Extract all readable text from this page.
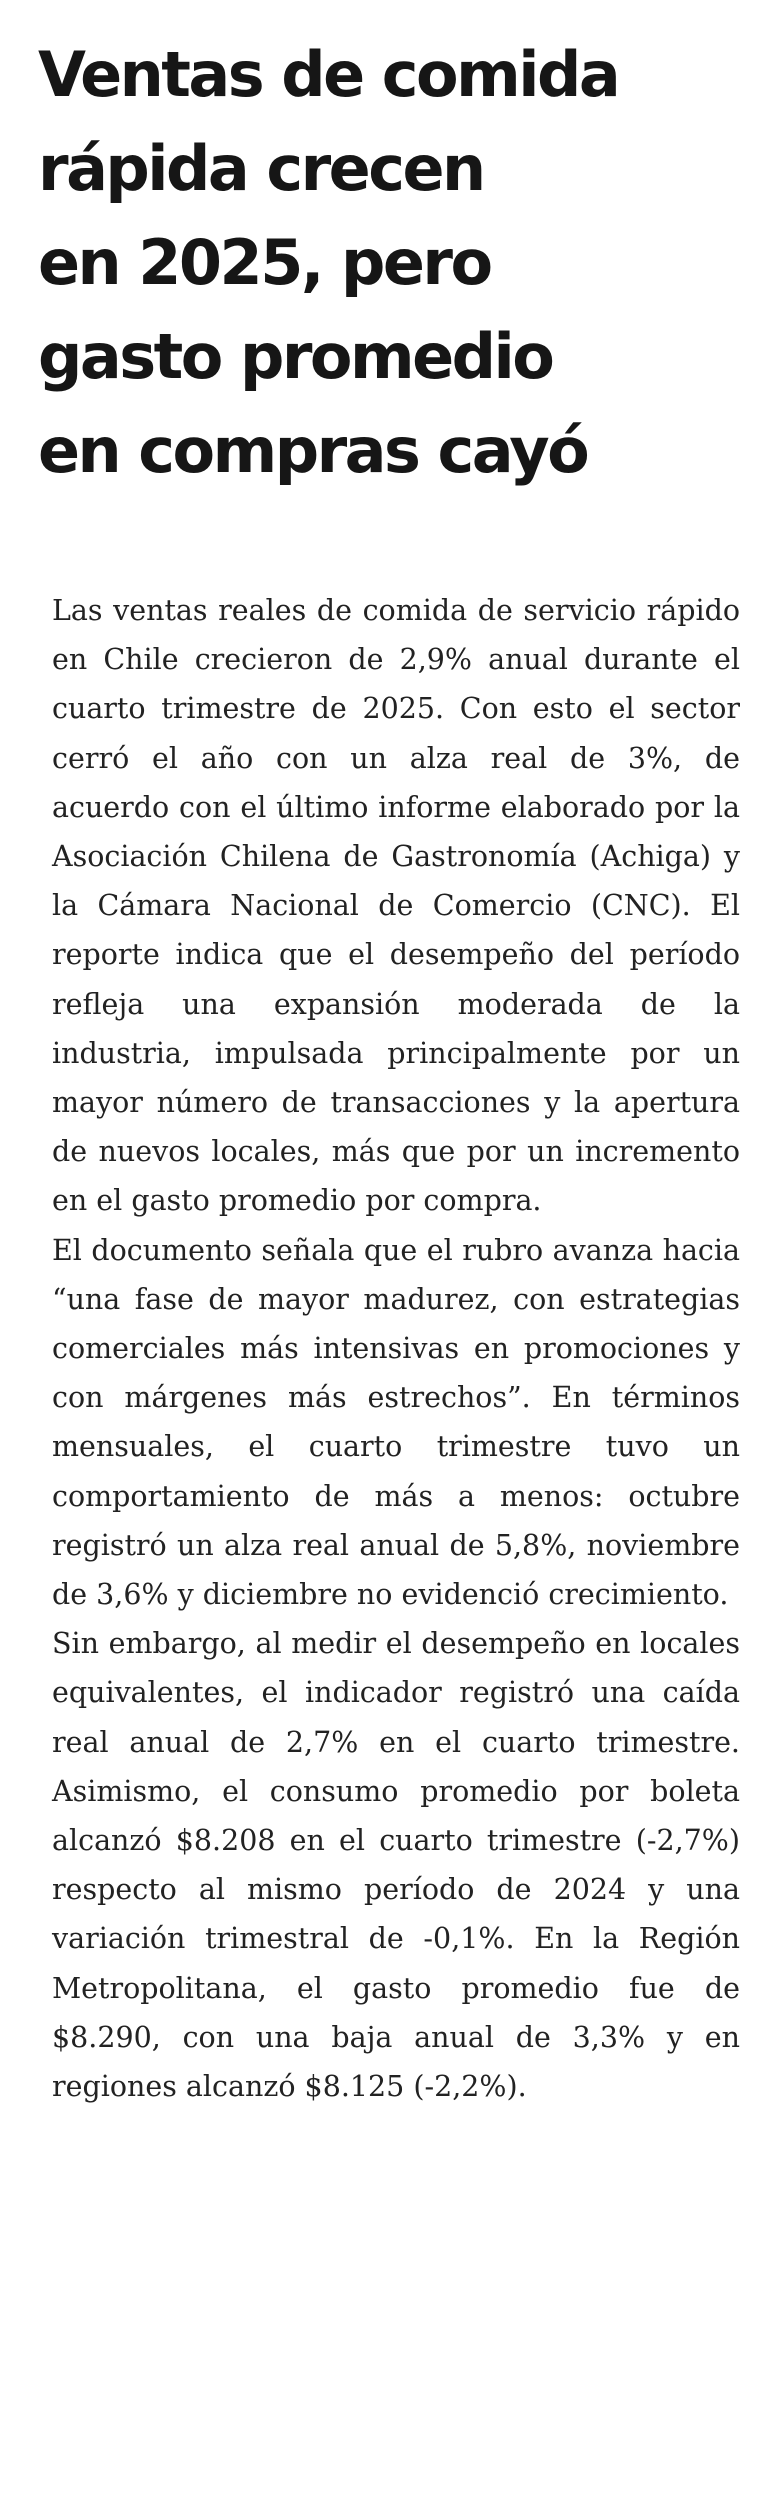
Ventas de comida
rápida crecen
en 2025, pero
gasto promedio
en compras cayó

Las ventas reales de comida de servicio rápido en Chile crecieron de 2,9% anual durante el cuarto trimestre de 2025. Con esto el sector cerró el año con un alza real de 3%, de acuerdo con el último informe elaborado por la Asociación Chilena de Gastronomía (Achiga) y la Cámara Nacional de Comercio (CNC). El reporte indica que el desempeño del período refleja una expansión moderada de la industria, impulsada principalmente por un mayor número de transacciones y la apertura de nuevos locales, más que por un incremento en el gasto promedio por compra.

El documento señala que el rubro avanza hacia “una fase de mayor madurez, con estrategias comerciales más intensivas en promociones y con márgenes más estrechos”. En términos mensuales, el cuarto trimestre tuvo un comportamiento de más a menos: octubre registró un alza real anual de 5,8%, noviembre de 3,6% y diciembre no evidenció crecimiento.

Sin embargo, al medir el desempeño en locales equivalentes, el indicador registró una caída real anual de 2,7% en el cuarto trimestre. Asimismo, el consumo promedio por boleta alcanzó $8.208 en el cuarto trimestre (-2,7%) respecto al mismo período de 2024 y una variación trimestral de -0,1%. En la Región Metropolitana, el gasto promedio fue de $8.290, con una baja anual de 3,3% y en regiones alcanzó $8.125 (-2,2%).
